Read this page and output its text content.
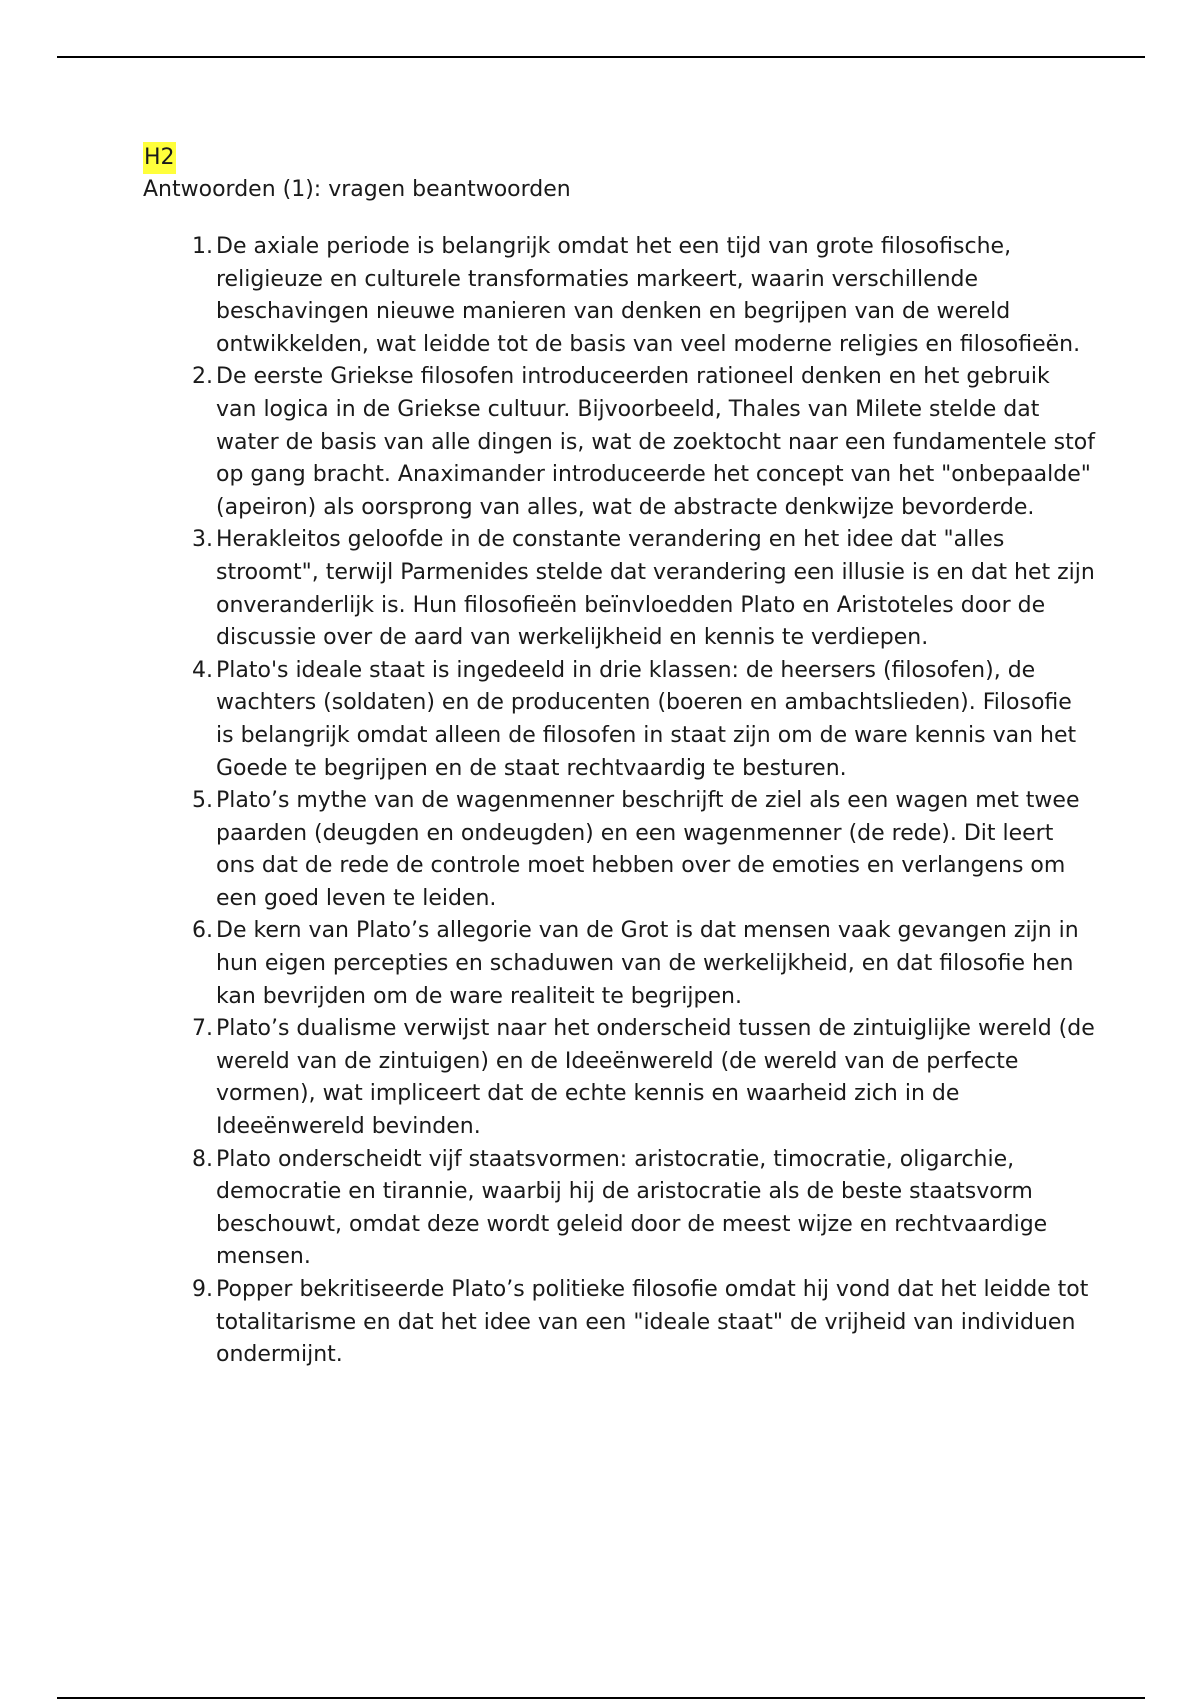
H2
Antwoorden (1): vragen beantwoorden
1. De axiale periode is belangrijk omdat het een tijd van grote filosofische, religieuze en culturele transformaties markeert, waarin verschillende beschavingen nieuwe manieren van denken en begrijpen van de wereld ontwikkelden, wat leidde tot de basis van veel moderne religies en filosofieën.
2. De eerste Griekse filosofen introduceerden rationeel denken en het gebruik van logica in de Griekse cultuur. Bijvoorbeeld, Thales van Milete stelde dat water de basis van alle dingen is, wat de zoektocht naar een fundamentele stof op gang bracht. Anaximander introduceerde het concept van het "onbepaalde" (apeiron) als oorsprong van alles, wat de abstracte denkwijze bevorderde.
3. Herakleitos geloofde in de constante verandering en het idee dat "alles stroomt", terwijl Parmenides stelde dat verandering een illusie is en dat het zijn onveranderlijk is. Hun filosofieën beïnvloedden Plato en Aristoteles door de discussie over de aard van werkelijkheid en kennis te verdiepen.
4. Plato's ideale staat is ingedeeld in drie klassen: de heersers (filosofen), de wachters (soldaten) en de producenten (boeren en ambachtslieden). Filosofie is belangrijk omdat alleen de filosofen in staat zijn om de ware kennis van het Goede te begrijpen en de staat rechtvaardig te besturen.
5. Plato’s mythe van de wagenmenner beschrijft de ziel als een wagen met twee paarden (deugden en ondeugden) en een wagenmenner (de rede). Dit leert ons dat de rede de controle moet hebben over de emoties en verlangens om een goed leven te leiden.
6. De kern van Plato’s allegorie van de Grot is dat mensen vaak gevangen zijn in hun eigen percepties en schaduwen van de werkelijkheid, en dat filosofie hen kan bevrijden om de ware realiteit te begrijpen.
7. Plato’s dualisme verwijst naar het onderscheid tussen de zintuiglijke wereld (de wereld van de zintuigen) en de Ideeënwereld (de wereld van de perfecte vormen), wat impliceert dat de echte kennis en waarheid zich in de Ideeënwereld bevinden.
8. Plato onderscheidt vijf staatsvormen: aristocratie, timocratie, oligarchie, democratie en tirannie, waarbij hij de aristocratie als de beste staatsvorm beschouwt, omdat deze wordt geleid door de meest wijze en rechtvaardige mensen.
9. Popper bekritiseerde Plato’s politieke filosofie omdat hij vond dat het leidde tot totalitarisme en dat het idee van een "ideale staat" de vrijheid van individuen ondermijnt.
